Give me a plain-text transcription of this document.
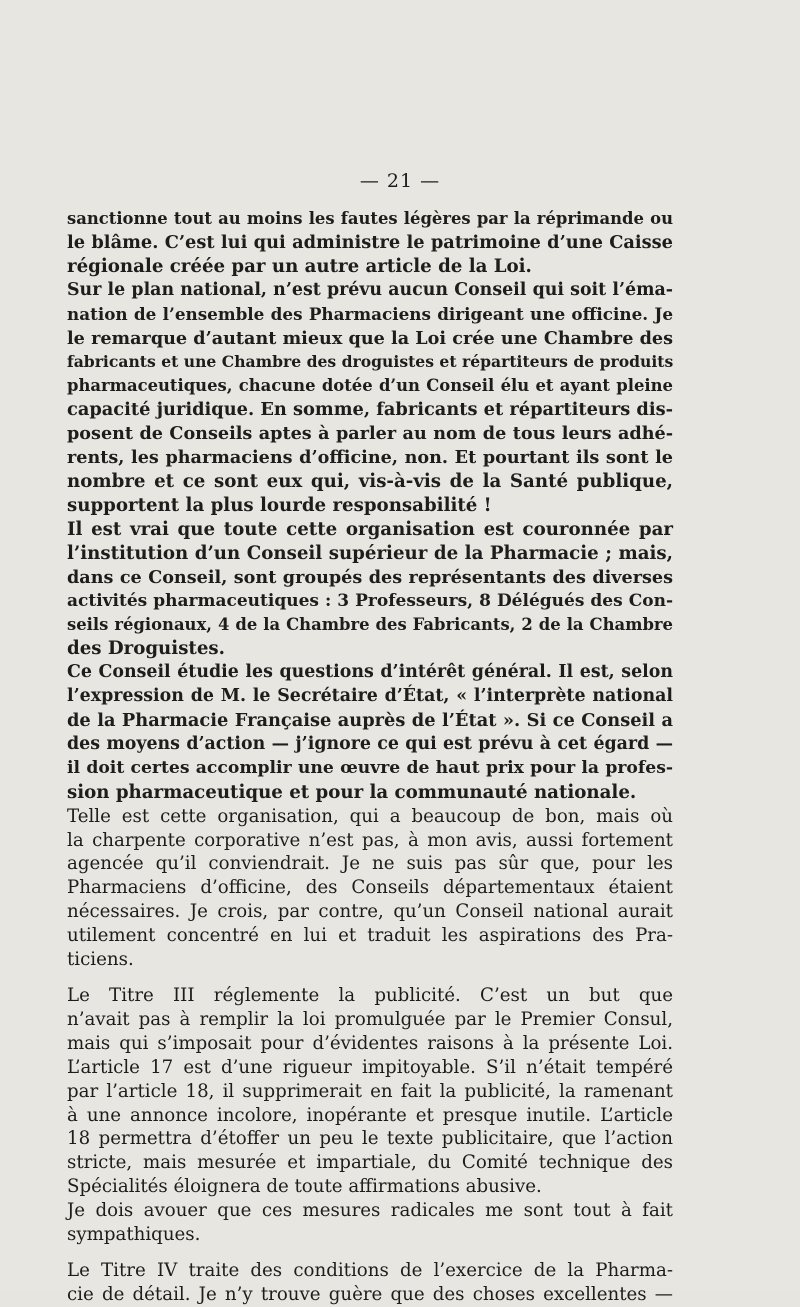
— 21 —
sanctionne tout au moins les fautes légères par la réprimande ou
le blâme. C’est lui qui administre le patrimoine d’une Caisse
régionale créée par un autre article de la Loi.
Sur le plan national, n’est prévu aucun Conseil qui soit l’éma-
nation de l’ensemble des Pharmaciens dirigeant une officine. Je
le remarque d’autant mieux que la Loi crée une Chambre des
fabricants et une Chambre des droguistes et répartiteurs de produits
pharmaceutiques, chacune dotée d’un Conseil élu et ayant pleine
capacité juridique. En somme, fabricants et répartiteurs dis-
posent de Conseils aptes à parler au nom de tous leurs adhé-
rents, les pharmaciens d’officine, non. Et pourtant ils sont le
nombre et ce sont eux qui, vis-à-vis de la Santé publique,
supportent la plus lourde responsabilité !
Il est vrai que toute cette organisation est couronnée par
l’institution d’un Conseil supérieur de la Pharmacie ; mais,
dans ce Conseil, sont groupés des représentants des diverses
activités pharmaceutiques : 3 Professeurs, 8 Délégués des Con-
seils régionaux, 4 de la Chambre des Fabricants, 2 de la Chambre
des Droguistes.
Ce Conseil étudie les questions d’intérêt général. Il est, selon
l’expression de M. le Secrétaire d’État, « l’interprète national
de la Pharmacie Française auprès de l’État ». Si ce Conseil a
des moyens d’action — j’ignore ce qui est prévu à cet égard —
il doit certes accomplir une œuvre de haut prix pour la profes-
sion pharmaceutique et pour la communauté nationale.
Telle est cette organisation, qui a beaucoup de bon, mais où
la charpente corporative n’est pas, à mon avis, aussi fortement
agencée qu’il conviendrait. Je ne suis pas sûr que, pour les
Pharmaciens d’officine, des Conseils départementaux étaient
nécessaires. Je crois, par contre, qu’un Conseil national aurait
utilement concentré en lui et traduit les aspirations des Pra-
ticiens.
Le Titre III réglemente la publicité. C’est un but que
n’avait pas à remplir la loi promulguée par le Premier Consul,
mais qui s’imposait pour d’évidentes raisons à la présente Loi.
L’article 17 est d’une rigueur impitoyable. S’il n’était tempéré
par l’article 18, il supprimerait en fait la publicité, la ramenant
à une annonce incolore, inopérante et presque inutile. L’article
18 permettra d’étoffer un peu le texte publicitaire, que l’action
stricte, mais mesurée et impartiale, du Comité technique des
Spécialités éloignera de toute affirmations abusive.
Je dois avouer que ces mesures radicales me sont tout à fait
sympathiques.
Le Titre IV traite des conditions de l’exercice de la Pharma-
cie de détail. Je n’y trouve guère que des choses excellentes —
